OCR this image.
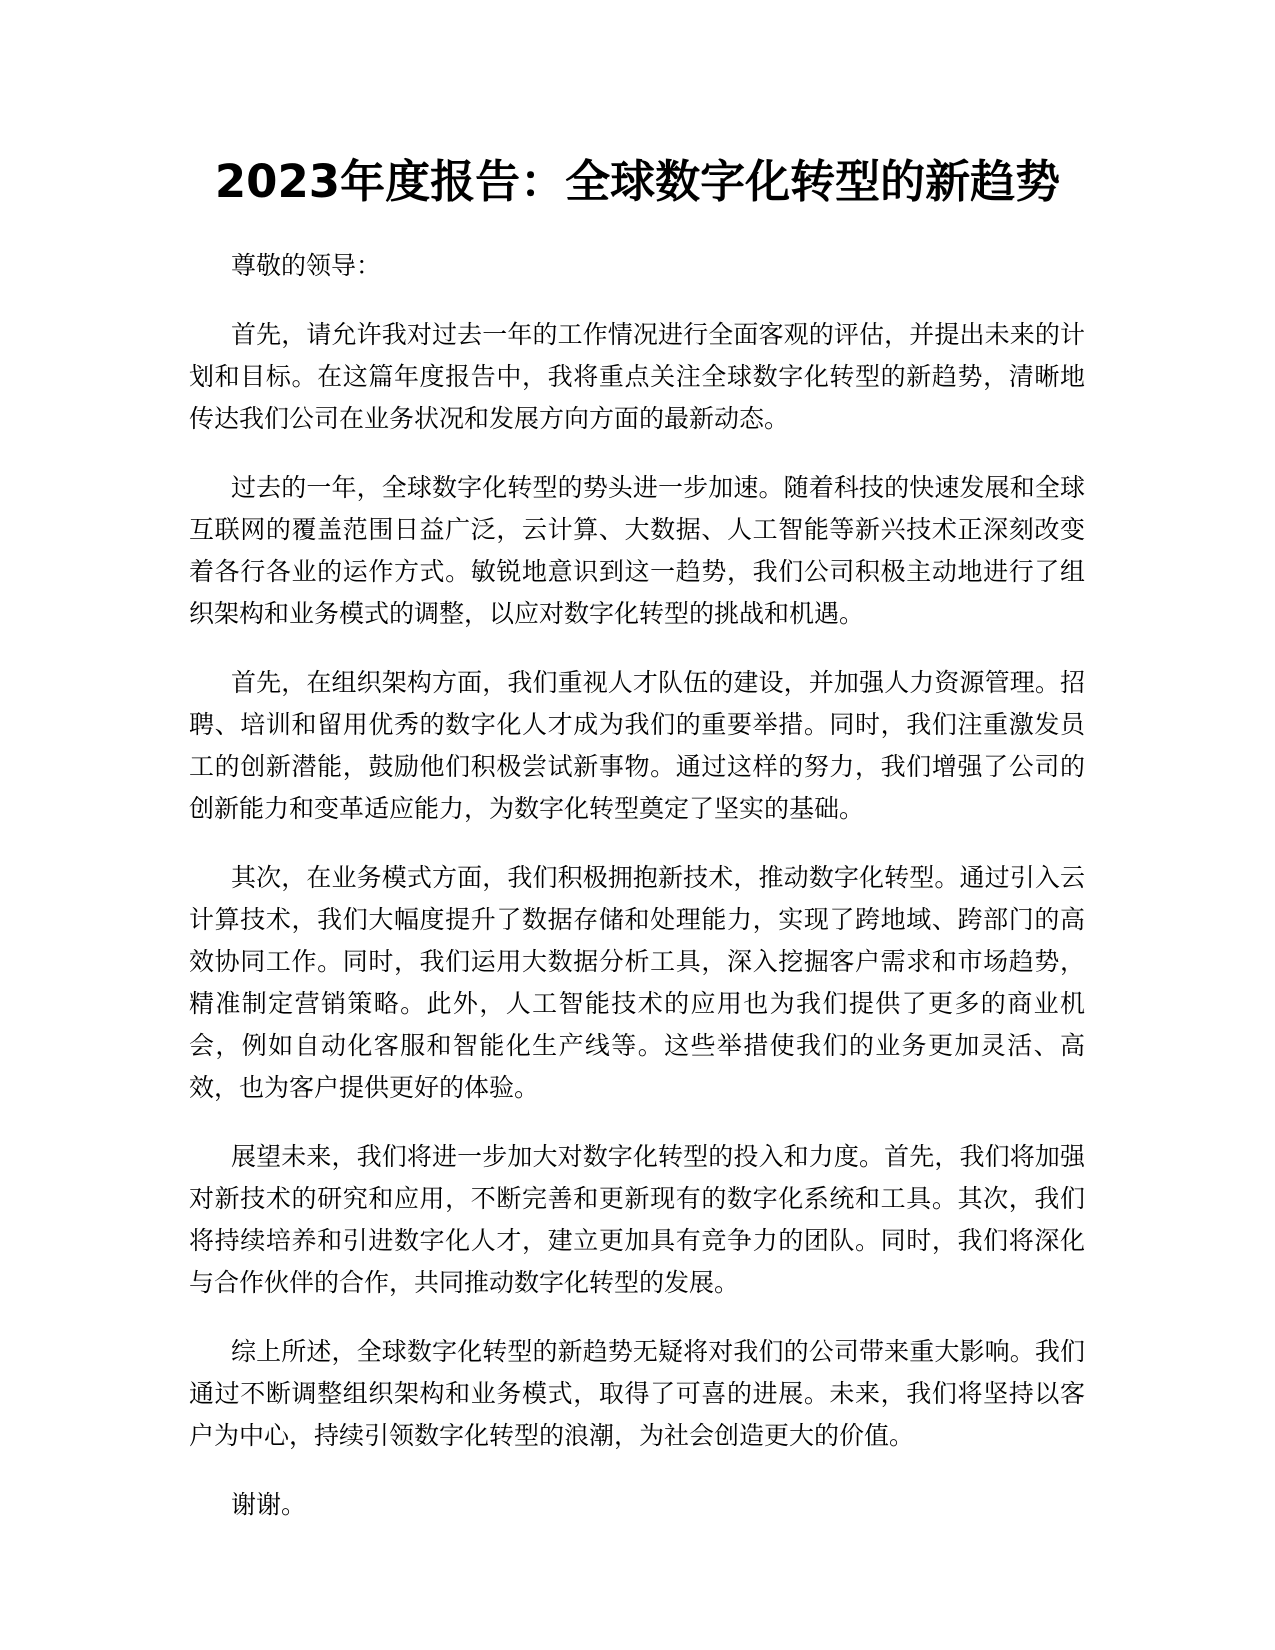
2023年度报告：全球数字化转型的新趋势

尊敬的领导：

首先，请允许我对过去一年的工作情况进行全面客观的评估，并提出未来的计划和目标。在这篇年度报告中，我将重点关注全球数字化转型的新趋势，清晰地传达我们公司在业务状况和发展方向方面的最新动态。

过去的一年，全球数字化转型的势头进一步加速。随着科技的快速发展和全球互联网的覆盖范围日益广泛，云计算、大数据、人工智能等新兴技术正深刻改变着各行各业的运作方式。敏锐地意识到这一趋势，我们公司积极主动地进行了组织架构和业务模式的调整，以应对数字化转型的挑战和机遇。

首先，在组织架构方面，我们重视人才队伍的建设，并加强人力资源管理。招聘、培训和留用优秀的数字化人才成为我们的重要举措。同时，我们注重激发员工的创新潜能，鼓励他们积极尝试新事物。通过这样的努力，我们增强了公司的创新能力和变革适应能力，为数字化转型奠定了坚实的基础。

其次，在业务模式方面，我们积极拥抱新技术，推动数字化转型。通过引入云计算技术，我们大幅度提升了数据存储和处理能力，实现了跨地域、跨部门的高效协同工作。同时，我们运用大数据分析工具，深入挖掘客户需求和市场趋势，精准制定营销策略。此外，人工智能技术的应用也为我们提供了更多的商业机会，例如自动化客服和智能化生产线等。这些举措使我们的业务更加灵活、高效，也为客户提供更好的体验。

展望未来，我们将进一步加大对数字化转型的投入和力度。首先，我们将加强对新技术的研究和应用，不断完善和更新现有的数字化系统和工具。其次，我们将持续培养和引进数字化人才，建立更加具有竞争力的团队。同时，我们将深化与合作伙伴的合作，共同推动数字化转型的发展。

综上所述，全球数字化转型的新趋势无疑将对我们的公司带来重大影响。我们通过不断调整组织架构和业务模式，取得了可喜的进展。未来，我们将坚持以客户为中心，持续引领数字化转型的浪潮，为社会创造更大的价值。

谢谢。
